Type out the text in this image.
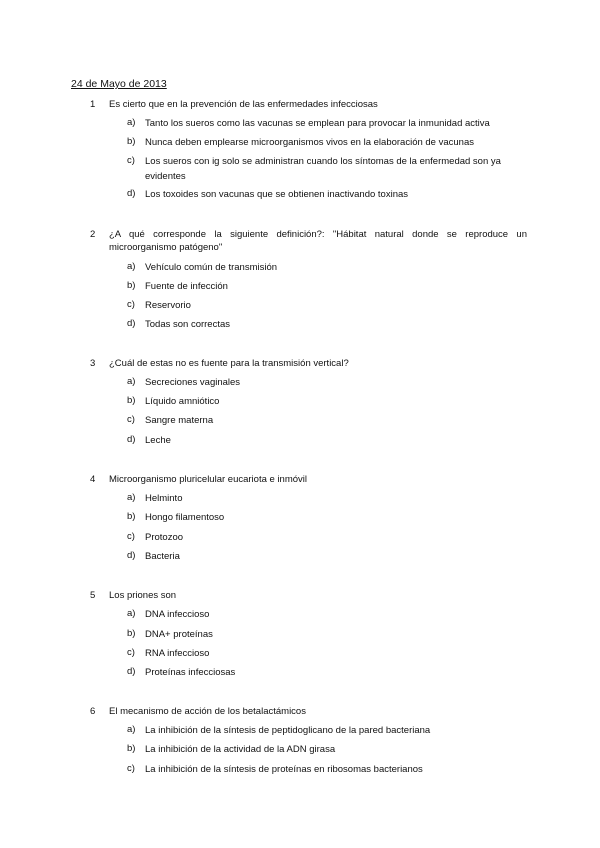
24 de Mayo de 2013
1 Es cierto que en la prevención de las enfermedades infecciosas
a) Tanto los sueros como las vacunas se emplean para provocar la inmunidad activa
b) Nunca deben emplearse microorganismos vivos en la elaboración de vacunas
c) Los sueros con ig solo se administran cuando los síntomas de la enfermedad son ya evidentes
d) Los toxoides son vacunas que se obtienen inactivando toxinas
2 ¿A qué corresponde la siguiente definición?: "Hábitat natural donde se reproduce un microorganismo patógeno"
a) Vehículo común de transmisión
b) Fuente de infección
c) Reservorio
d) Todas son correctas
3 ¿Cuál de estas no es fuente para la transmisión vertical?
a) Secreciones vaginales
b) Líquido amniótico
c) Sangre materna
d) Leche
4 Microorganismo pluricelular eucariota e inmóvil
a) Helminto
b) Hongo filamentoso
c) Protozoo
d) Bacteria
5 Los priones son
a) DNA infeccioso
b) DNA+ proteínas
c) RNA infeccioso
d) Proteínas infecciosas
6 El mecanismo de acción de los betalactámicos
a) La inhibición de la síntesis de peptidoglicano de la pared bacteriana
b) La inhibición de la actividad de la ADN girasa
c) La inhibición de la síntesis de proteínas en ribosomas bacterianos
